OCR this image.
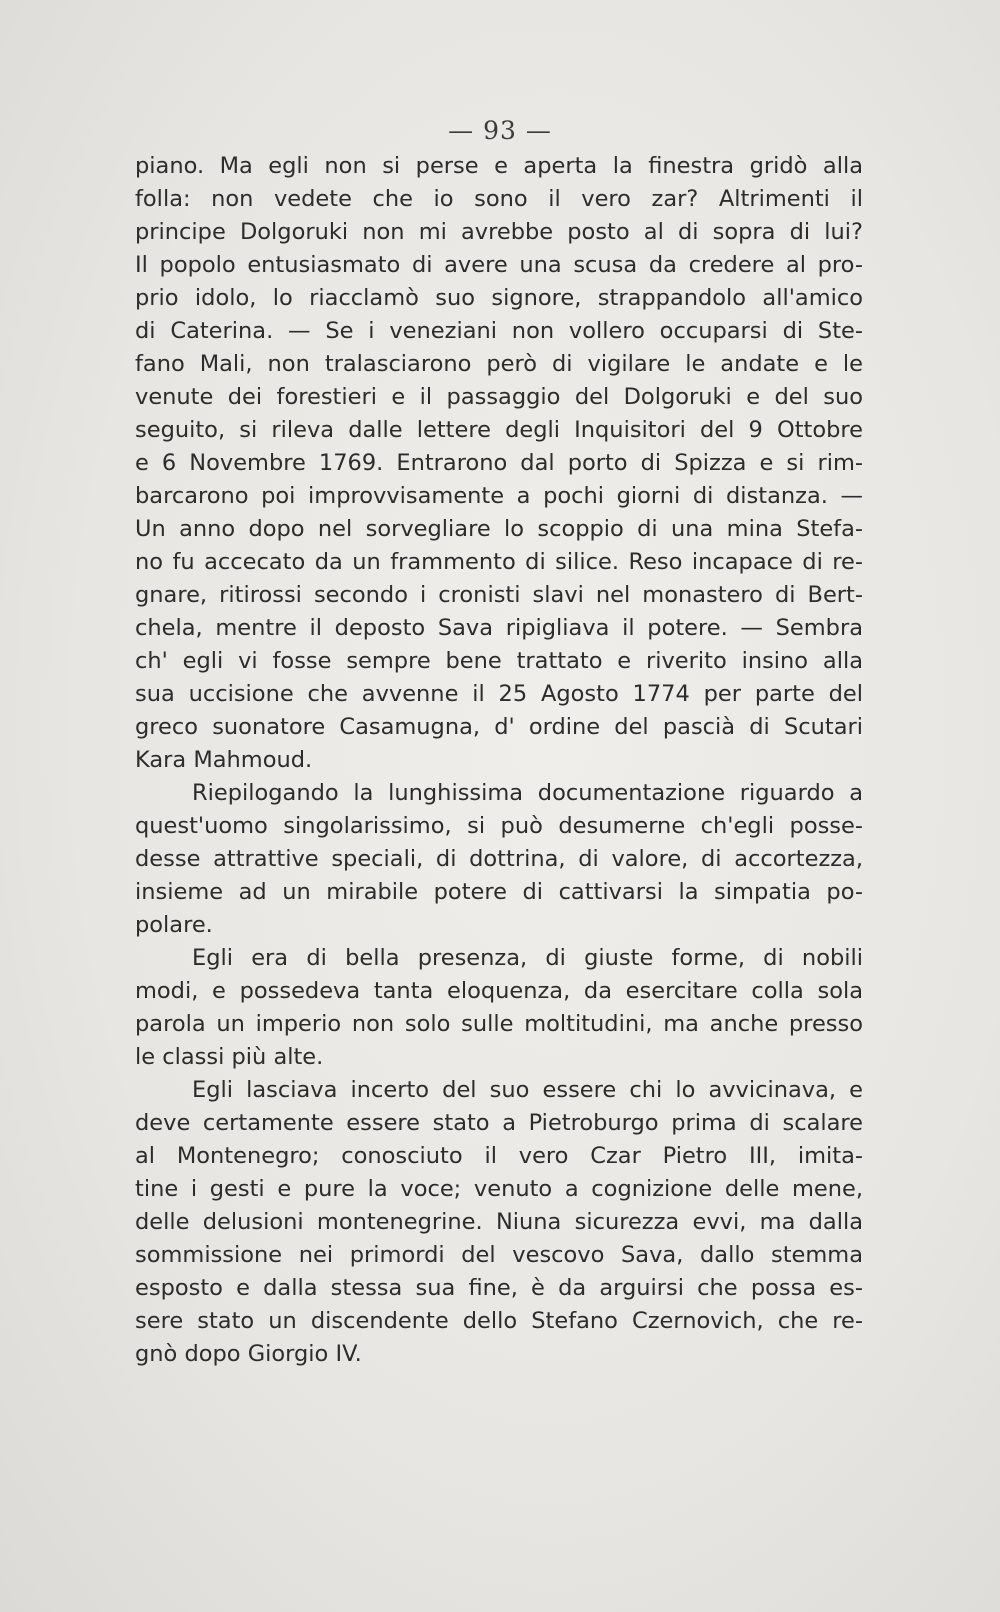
— 93 —
piano. Ma egli non si perse e aperta la finestra gridò alla
folla: non vedete che io sono il vero zar? Altrimenti il
principe Dolgoruki non mi avrebbe posto al di sopra di lui?
Il popolo entusiasmato di avere una scusa da credere al pro-
prio idolo, lo riacclamò suo signore, strappandolo all'amico
di Caterina. — Se i veneziani non vollero occuparsi di Ste-
fano Mali, non tralasciarono però di vigilare le andate e le
venute dei forestieri e il passaggio del Dolgoruki e del suo
seguito, si rileva dalle lettere degli Inquisitori del 9 Ottobre
e 6 Novembre 1769. Entrarono dal porto di Spizza e si rim-
barcarono poi improvvisamente a pochi giorni di distanza. —
Un anno dopo nel sorvegliare lo scoppio di una mina Stefa-
no fu accecato da un frammento di silice. Reso incapace di re-
gnare, ritirossi secondo i cronisti slavi nel monastero di Bert-
chela, mentre il deposto Sava ripigliava il potere. — Sembra
ch' egli vi fosse sempre bene trattato e riverito insino alla
sua uccisione che avvenne il 25 Agosto 1774 per parte del
greco suonatore Casamugna, d' ordine del pascià di Scutari
Kara Mahmoud.
Riepilogando la lunghissima documentazione riguardo a
quest'uomo singolarissimo, si può desumerne ch'egli posse-
desse attrattive speciali, di dottrina, di valore, di accortezza,
insieme ad un mirabile potere di cattivarsi la simpatia po-
polare.
Egli era di bella presenza, di giuste forme, di nobili
modi, e possedeva tanta eloquenza, da esercitare colla sola
parola un imperio non solo sulle moltitudini, ma anche presso
le classi più alte.
Egli lasciava incerto del suo essere chi lo avvicinava, e
deve certamente essere stato a Pietroburgo prima di scalare
al Montenegro; conosciuto il vero Czar Pietro III, imita-
tine i gesti e pure la voce; venuto a cognizione delle mene,
delle delusioni montenegrine. Niuna sicurezza evvi, ma dalla
sommissione nei primordi del vescovo Sava, dallo stemma
esposto e dalla stessa sua fine, è da arguirsi che possa es-
sere stato un discendente dello Stefano Czernovich, che re-
gnò dopo Giorgio IV.
